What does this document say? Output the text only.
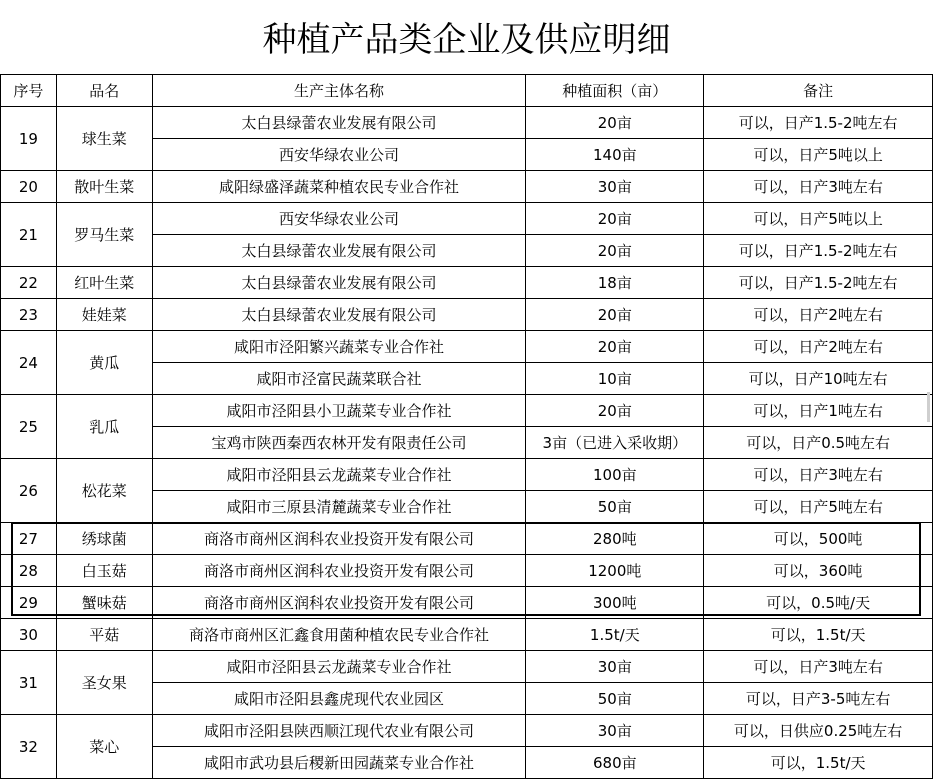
种植产品类企业及供应明细
序号	品名	生产主体名称	种植面积（亩）	备注
19	球生菜	太白县绿蕾农业发展有限公司	20亩	可以，日产1.5-2吨左右
		西安华绿农业公司	140亩	可以，日产5吨以上
20	散叶生菜	咸阳绿盛泽蔬菜种植农民专业合作社	30亩	可以，日产3吨左右
21	罗马生菜	西安华绿农业公司	20亩	可以，日产5吨以上
		太白县绿蕾农业发展有限公司	20亩	可以，日产1.5-2吨左右
22	红叶生菜	太白县绿蕾农业发展有限公司	18亩	可以，日产1.5-2吨左右
23	娃娃菜	太白县绿蕾农业发展有限公司	20亩	可以，日产2吨左右
24	黄瓜	咸阳市泾阳繁兴蔬菜专业合作社	20亩	可以，日产2吨左右
		咸阳市泾富民蔬菜联合社	10亩	可以，日产10吨左右
25	乳瓜	咸阳市泾阳县小卫蔬菜专业合作社	20亩	可以，日产1吨左右
		宝鸡市陕西秦西农林开发有限责任公司	3亩（已进入采收期）	可以，日产0.5吨左右
26	松花菜	咸阳市泾阳县云龙蔬菜专业合作社	100亩	可以，日产3吨左右
		咸阳市三原县清麓蔬菜专业合作社	50亩	可以，日产5吨左右
27	绣球菌	商洛市商州区润科农业投资开发有限公司	280吨	可以，500吨
28	白玉菇	商洛市商州区润科农业投资开发有限公司	1200吨	可以，360吨
29	蟹味菇	商洛市商州区润科农业投资开发有限公司	300吨	可以，0.5吨/天
30	平菇	商洛市商州区汇鑫食用菌种植农民专业合作社	1.5t/天	可以，1.5t/天
31	圣女果	咸阳市泾阳县云龙蔬菜专业合作社	30亩	可以，日产3吨左右
		咸阳市泾阳县鑫虎现代农业园区	50亩	可以，日产3-5吨左右
32	菜心	咸阳市泾阳县陕西顺江现代农业有限公司	30亩	可以，日供应0.25吨左右
		咸阳市武功县后稷新田园蔬菜专业合作社	680亩	可以，1.5t/天
